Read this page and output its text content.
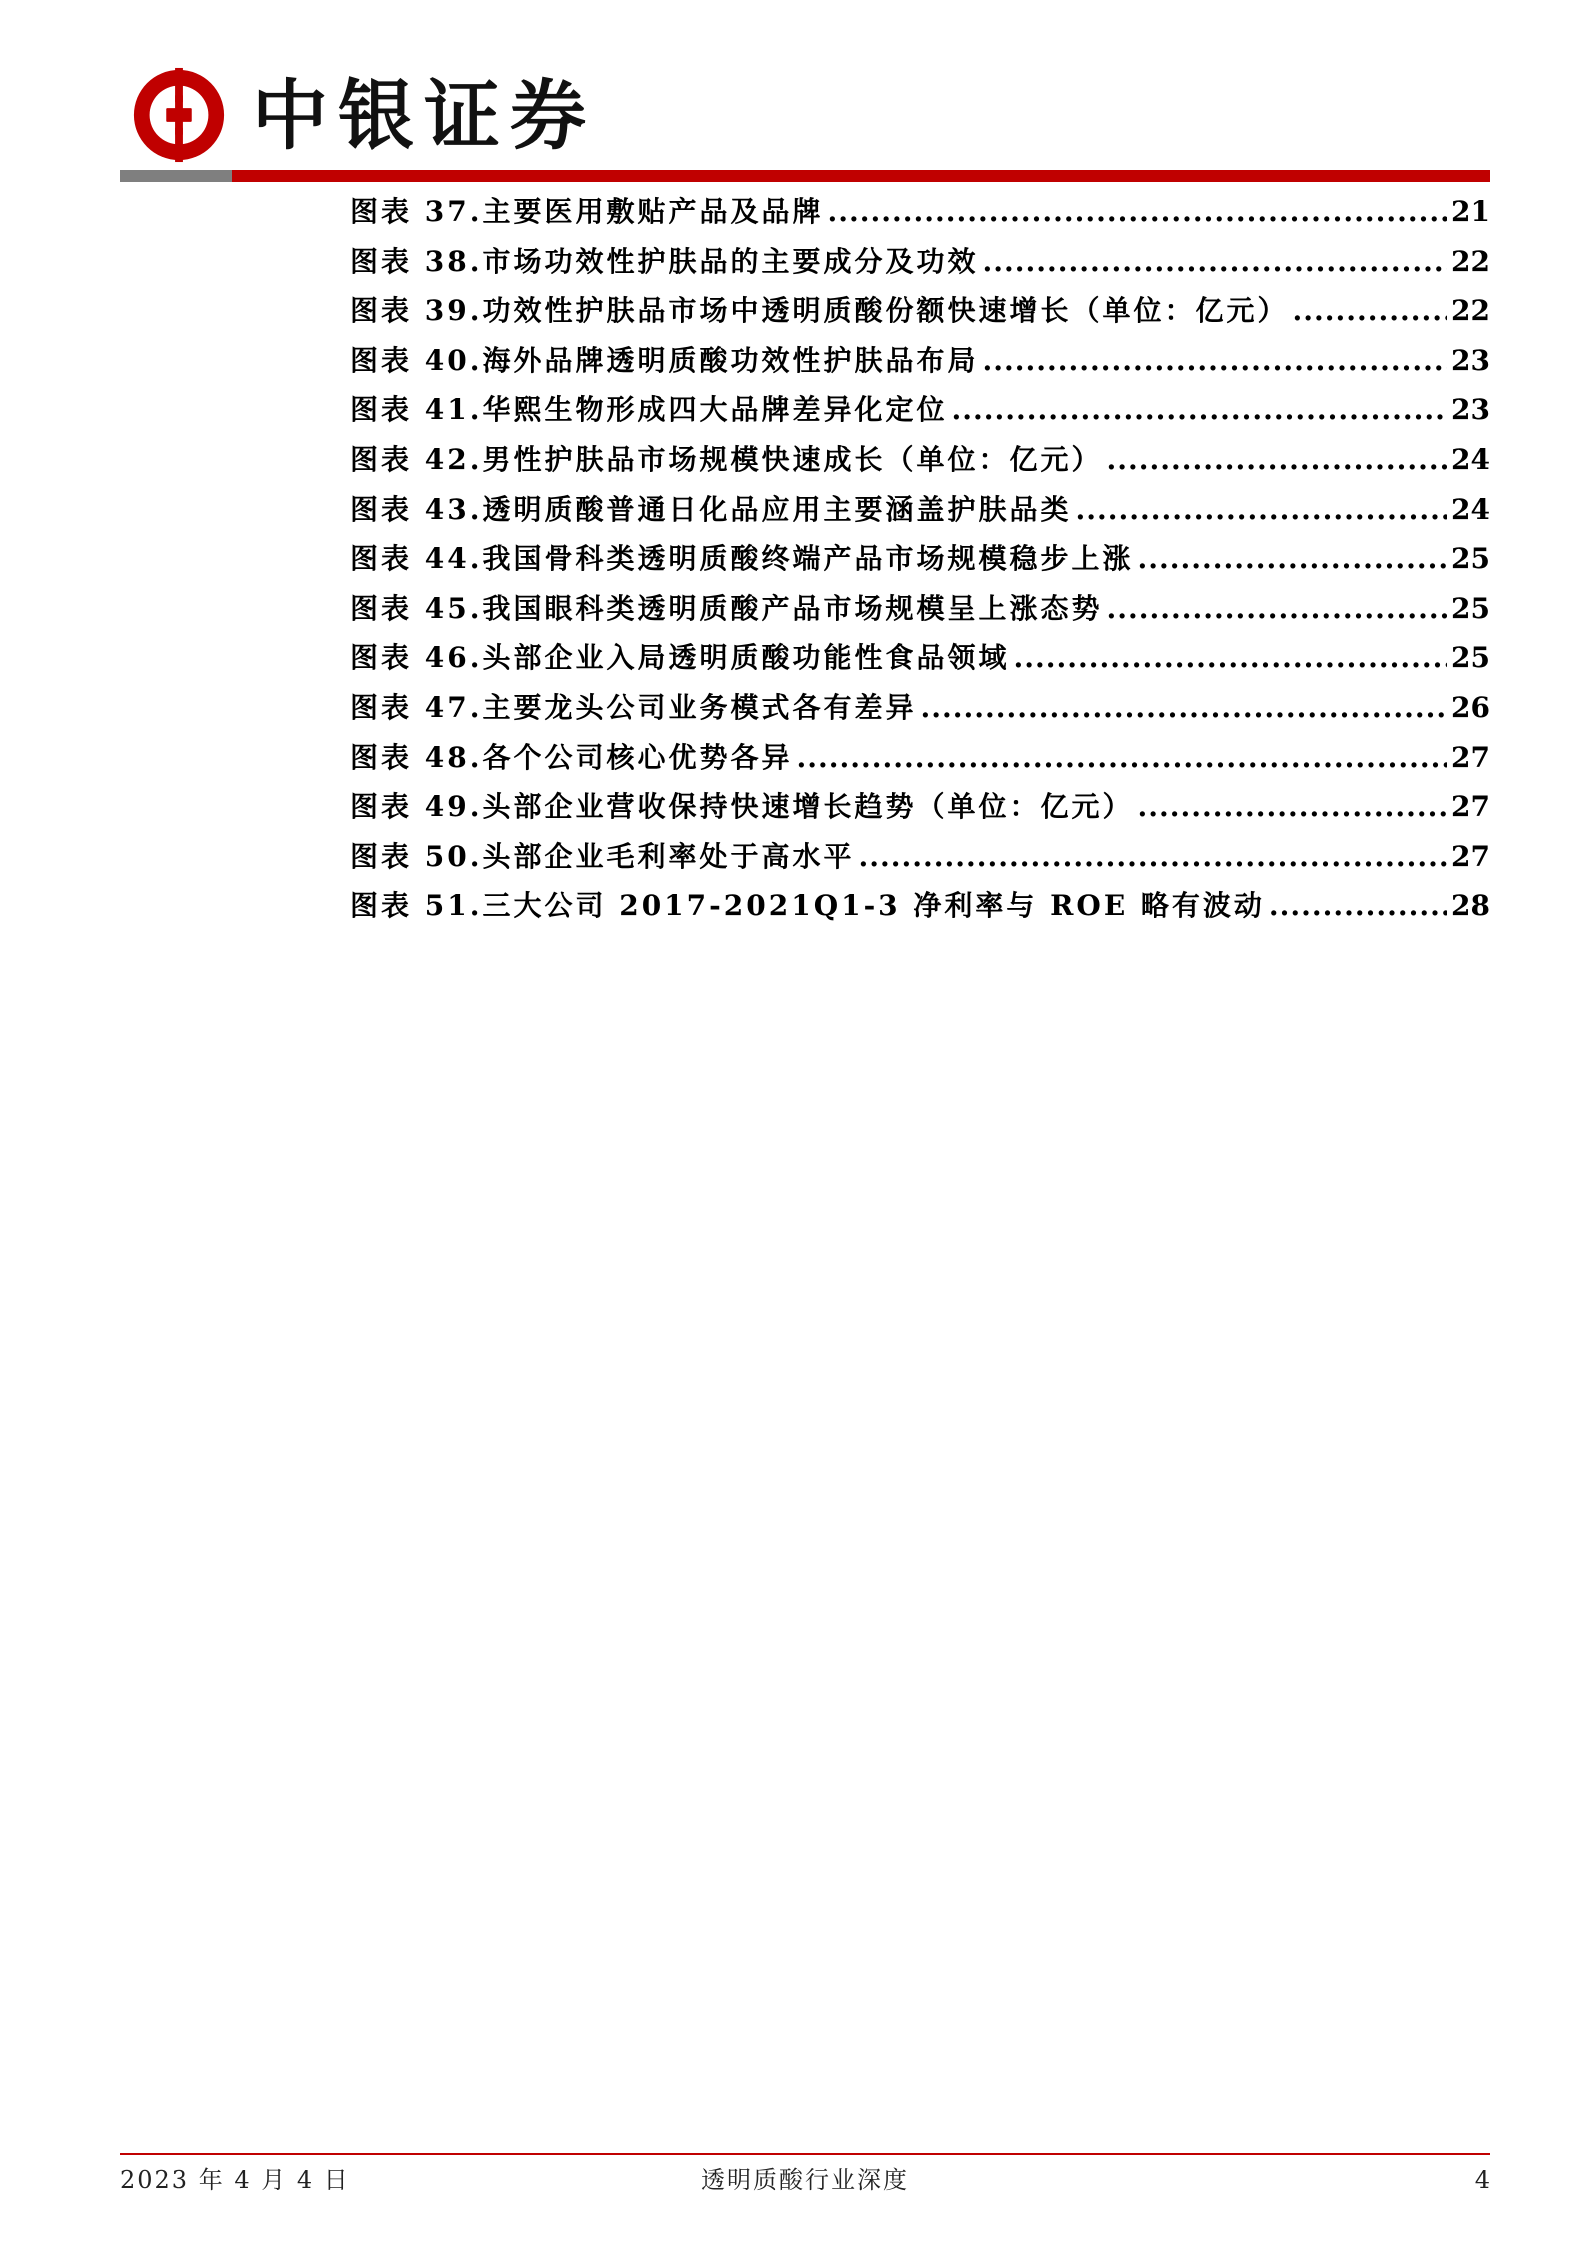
中银证券
图表 37.主要医用敷贴产品及品牌 .....	21
图表 38.市场功效性护肤品的主要成分及功效 .....	22
图表 39.功效性护肤品市场中透明质酸份额快速增长（单位：亿元） .....	22
图表 40.海外品牌透明质酸功效性护肤品布局 .....	23
图表 41.华熙生物形成四大品牌差异化定位 .....	23
图表 42.男性护肤品市场规模快速成长（单位：亿元） .....	24
图表 43.透明质酸普通日化品应用主要涵盖护肤品类 .....	24
图表 44.我国骨科类透明质酸终端产品市场规模稳步上涨 .....	25
图表 45.我国眼科类透明质酸产品市场规模呈上涨态势 .....	25
图表 46.头部企业入局透明质酸功能性食品领域 .....	25
图表 47.主要龙头公司业务模式各有差异 .....	26
图表 48.各个公司核心优势各异 .....	27
图表 49.头部企业营收保持快速增长趋势（单位：亿元） .....	27
图表 50.头部企业毛利率处于高水平 .....	27
图表 51.三大公司 2017-2021Q1-3 净利率与 ROE 略有波动 .....	28
2023 年 4 月 4 日	透明质酸行业深度	4
